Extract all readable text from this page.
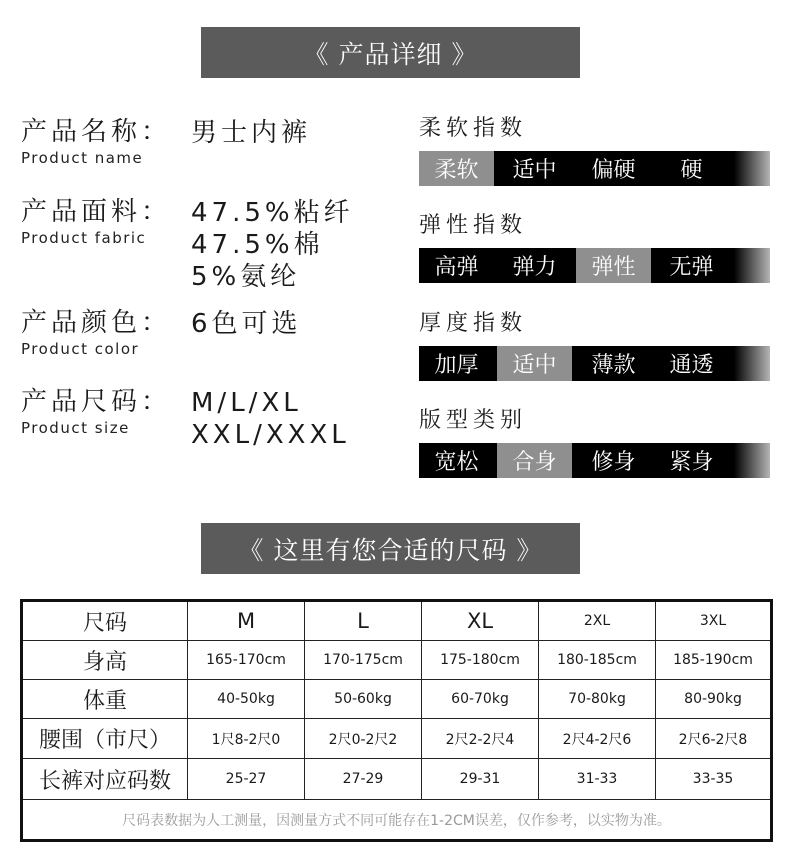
《 产品详细 》
产品名称：
Product name
男士内裤
产品面料：
Product fabric
47.5%粘纤
47.5%棉
5%氨纶
产品颜色：
Product color
6色可选
产品尺码：
Product size
M/L/XL
XXL/XXXL
柔软指数
柔软	适中	偏硬	硬
弹性指数
高弹	弹力	弹性	无弹
厚度指数
加厚	适中	薄款	通透
版型类别
宽松	合身	修身	紧身
《 这里有您合适的尺码 》
尺码	M	L	XL	2XL	3XL
身高	165-170cm	170-175cm	175-180cm	180-185cm	185-190cm
体重	40-50kg	50-60kg	60-70kg	70-80kg	80-90kg
腰围（市尺）	1尺8-2尺0	2尺0-2尺2	2尺2-2尺4	2尺4-2尺6	2尺6-2尺8
长裤对应码数	25-27	27-29	29-31	31-33	33-35
尺码表数据为人工测量，因测量方式不同可能存在1-2CM误差，仅作参考，以实物为准。					
